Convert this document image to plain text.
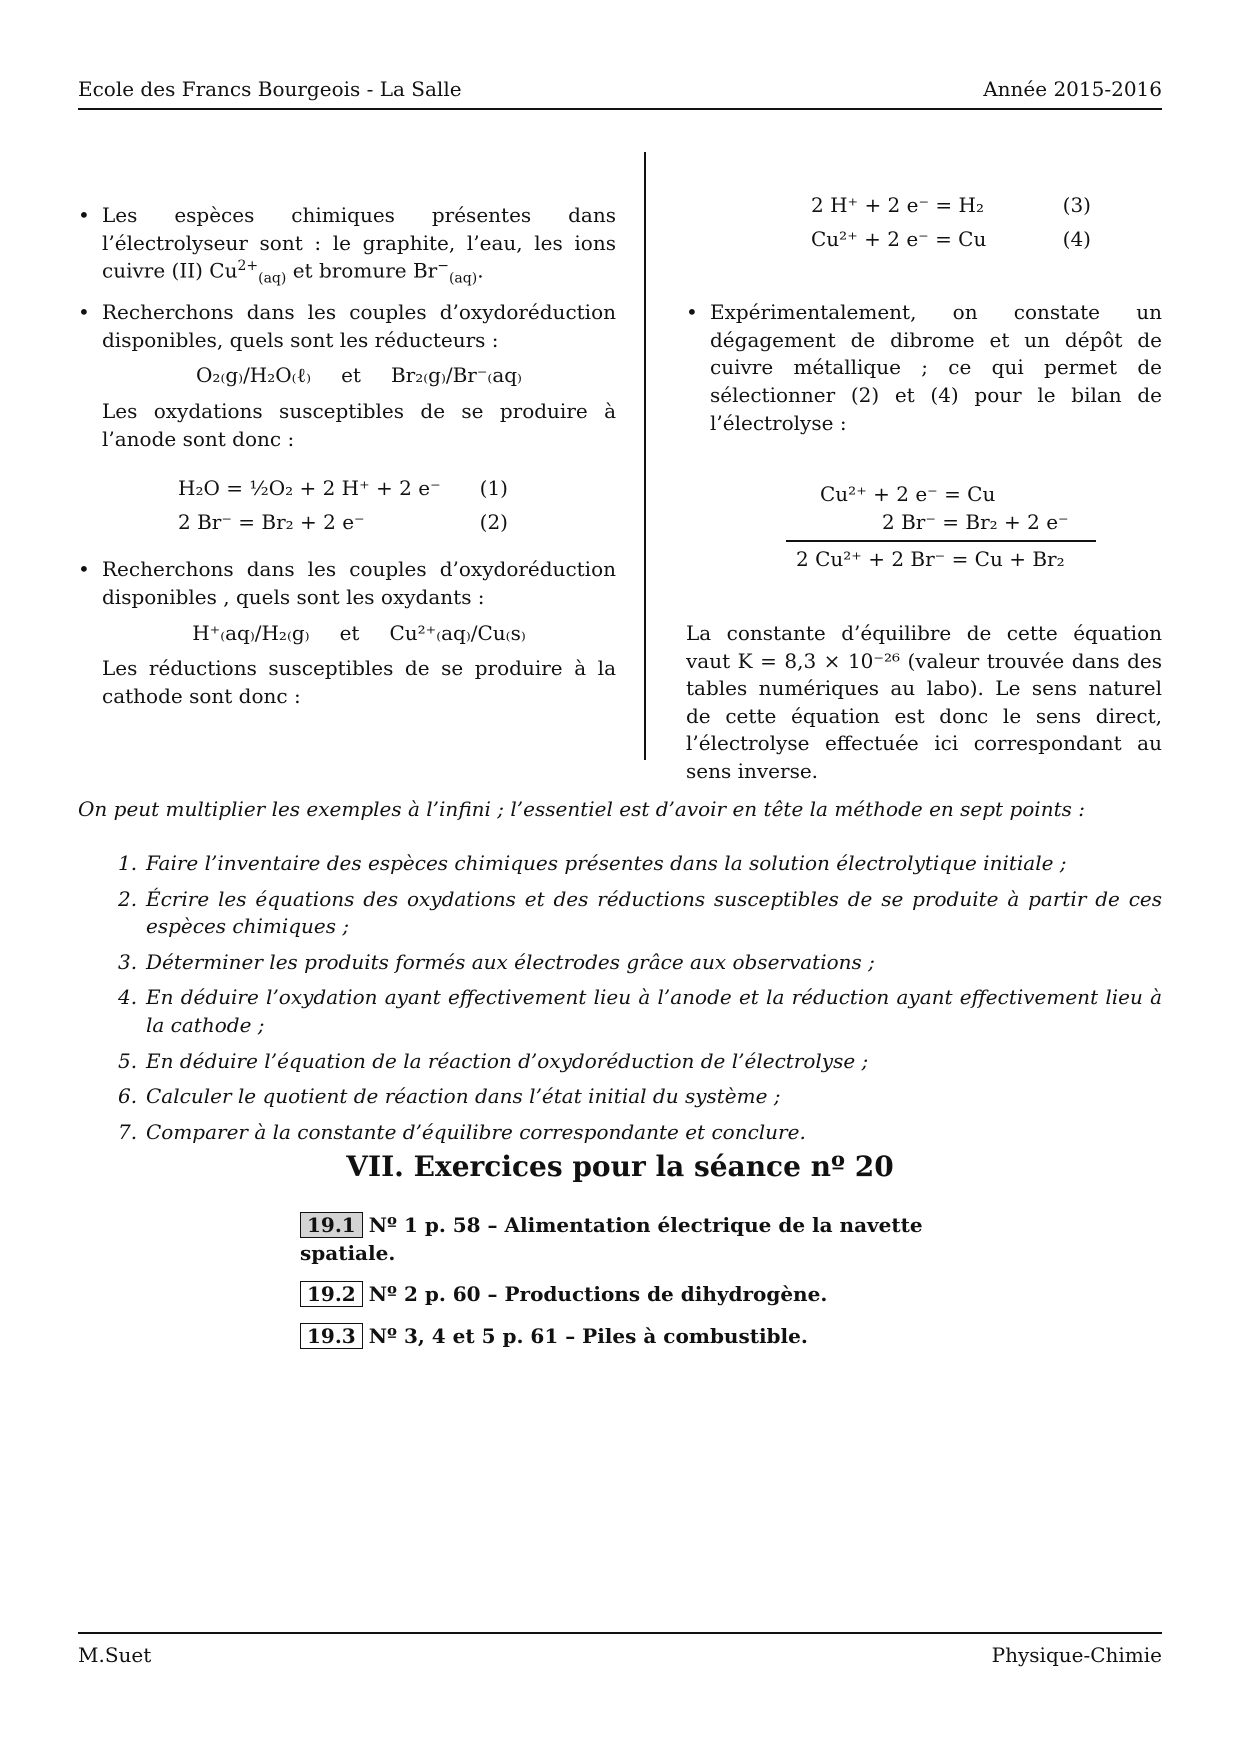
Ecole des Francs Bourgeois - La Salle	Année 2015-2016
• Les espèces chimiques présentes dans l’électrolyseur sont : le graphite, l’eau, les ions cuivre (II) $Cu^{2+}_{(aq)}$ et bromure $Br^-_{(aq)}$.
• Recherchons dans les couples d’oxydoréduction disponibles, quels sont les réducteurs :
O₂₍g₎/H₂O₍ℓ₎ et Br₂₍g₎/Br⁻₍aq₎
Les oxydations susceptibles de se produire à l’anode sont donc :
H₂O = ½O₂ + 2 H⁺ + 2 e⁻ (1)
2 Br⁻ = Br₂ + 2 e⁻	(2)
• Recherchons dans les couples d’oxydoréduction disponibles , quels sont les oxydants :
H⁺₍aq₎/H₂₍g₎ et Cu²⁺₍aq₎/Cu₍s₎
Les réductions susceptibles de se produire à la cathode sont donc :
2 H⁺ + 2 e⁻ = H₂	(3)
Cu²⁺ + 2 e⁻ = Cu	(4)
• Expérimentalement, on constate un dégagement de dibrome et un dépôt de cuivre métallique ; ce qui permet de sélectionner (2) et (4) pour le bilan de l’électrolyse :
Cu²⁺ + 2 e⁻ = Cu
2 Br⁻ = Br₂ + 2 e⁻
2 Cu²⁺ + 2 Br⁻ = Cu + Br₂
La constante d’équilibre de cette équation vaut K = 8,3 × 10⁻²⁶ (valeur trouvée dans des tables numériques au labo). Le sens naturel de cette équation est donc le sens direct, l’électrolyse effectuée ici correspondant au sens inverse.
On peut multiplier les exemples à l’infini ; l’essentiel est d’avoir en tête la méthode en sept points :
1. Faire l’inventaire des espèces chimiques présentes dans la solution électrolytique initiale ;
2. Écrire les équations des oxydations et des réductions susceptibles de se produite à partir de ces espèces chimiques ;
3. Déterminer les produits formés aux électrodes grâce aux observations ;
4. En déduire l’oxydation ayant effectivement lieu à l’anode et la réduction ayant effectivement lieu à la cathode ;
5. En déduire l’équation de la réaction d’oxydoréduction de l’électrolyse ;
6. Calculer le quotient de réaction dans l’état initial du système ;
7. Comparer à la constante d’équilibre correspondante et conclure.
VII. Exercices pour la séance nº 20
19.1 Nº 1 p. 58 – Alimentation électrique de la navette spatiale.
19.2 Nº 2 p. 60 – Productions de dihydrogène.
19.3 Nº 3, 4 et 5 p. 61 – Piles à combustible.
M.Suet	Physique-Chimie
